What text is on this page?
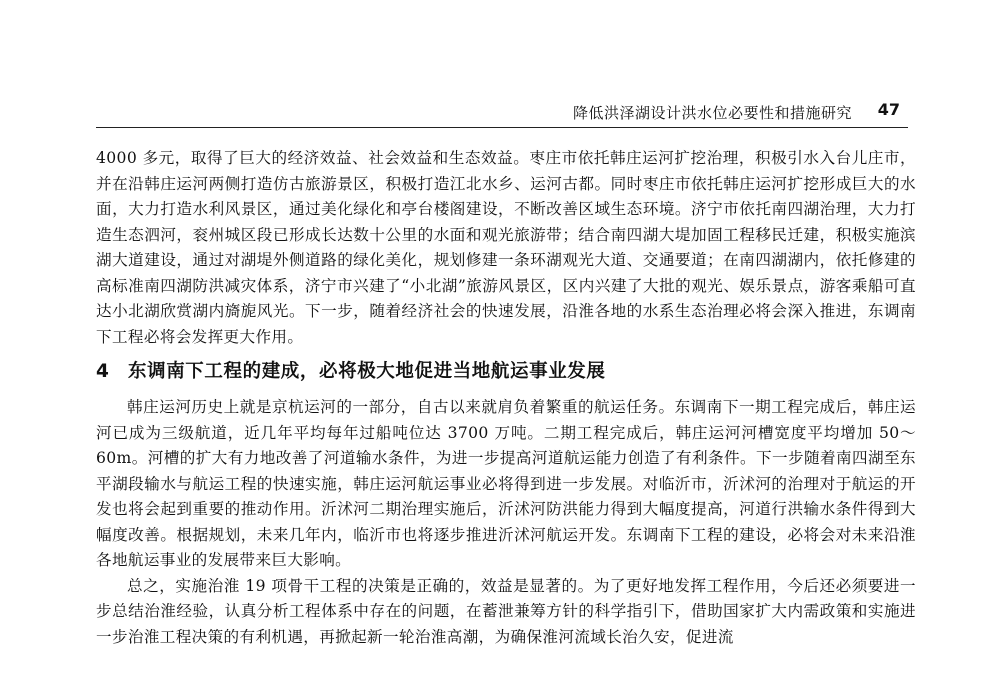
降低洪泽湖设计洪水位必要性和措施研究 47

4000 多元，取得了巨大的经济效益、社会效益和生态效益。枣庄市依托韩庄运河扩挖治理，积极引水入台儿庄市，并在沿韩庄运河两侧打造仿古旅游景区，积极打造江北水乡、运河古都。同时枣庄市依托韩庄运河扩挖形成巨大的水面，大力打造水利风景区，通过美化绿化和亭台楼阁建设，不断改善区域生态环境。济宁市依托南四湖治理，大力打造生态泗河，衮州城区段已形成长达数十公里的水面和观光旅游带；结合南四湖大堤加固工程移民迁建，积极实施滨湖大道建设，通过对湖堤外侧道路的绿化美化，规划修建一条环湖观光大道、交通要道；在南四湖湖内，依托修建的高标准南四湖防洪减灾体系，济宁市兴建了“小北湖”旅游风景区，区内兴建了大批的观光、娱乐景点，游客乘船可直达小北湖欣赏湖内旖旎风光。下一步，随着经济社会的快速发展，沿淮各地的水系生态治理必将会深入推进，东调南下工程必将会发挥更大作用。

4 东调南下工程的建成，必将极大地促进当地航运事业发展

韩庄运河历史上就是京杭运河的一部分，自古以来就肩负着繁重的航运任务。东调南下一期工程完成后，韩庄运河已成为三级航道，近几年平均每年过船吨位达 3700 万吨。二期工程完成后，韩庄运河河槽宽度平均增加 50～60m。河槽的扩大有力地改善了河道输水条件，为进一步提高河道航运能力创造了有利条件。下一步随着南四湖至东平湖段输水与航运工程的快速实施，韩庄运河航运事业必将得到进一步发展。对临沂市，沂沭河的治理对于航运的开发也将会起到重要的推动作用。沂沭河二期治理实施后，沂沭河防洪能力得到大幅度提高，河道行洪输水条件得到大幅度改善。根据规划，未来几年内，临沂市也将逐步推进沂沭河航运开发。东调南下工程的建设，必将会对未来沿淮各地航运事业的发展带来巨大影响。

总之，实施治淮 19 项骨干工程的决策是正确的，效益是显著的。为了更好地发挥工程作用，今后还必须要进一步总结治淮经验，认真分析工程体系中存在的问题，在蓄泄兼筹方针的科学指引下，借助国家扩大内需政策和实施进一步治淮工程决策的有利机遇，再掀起新一轮治淮高潮，为确保淮河流域长治久安，促进流
